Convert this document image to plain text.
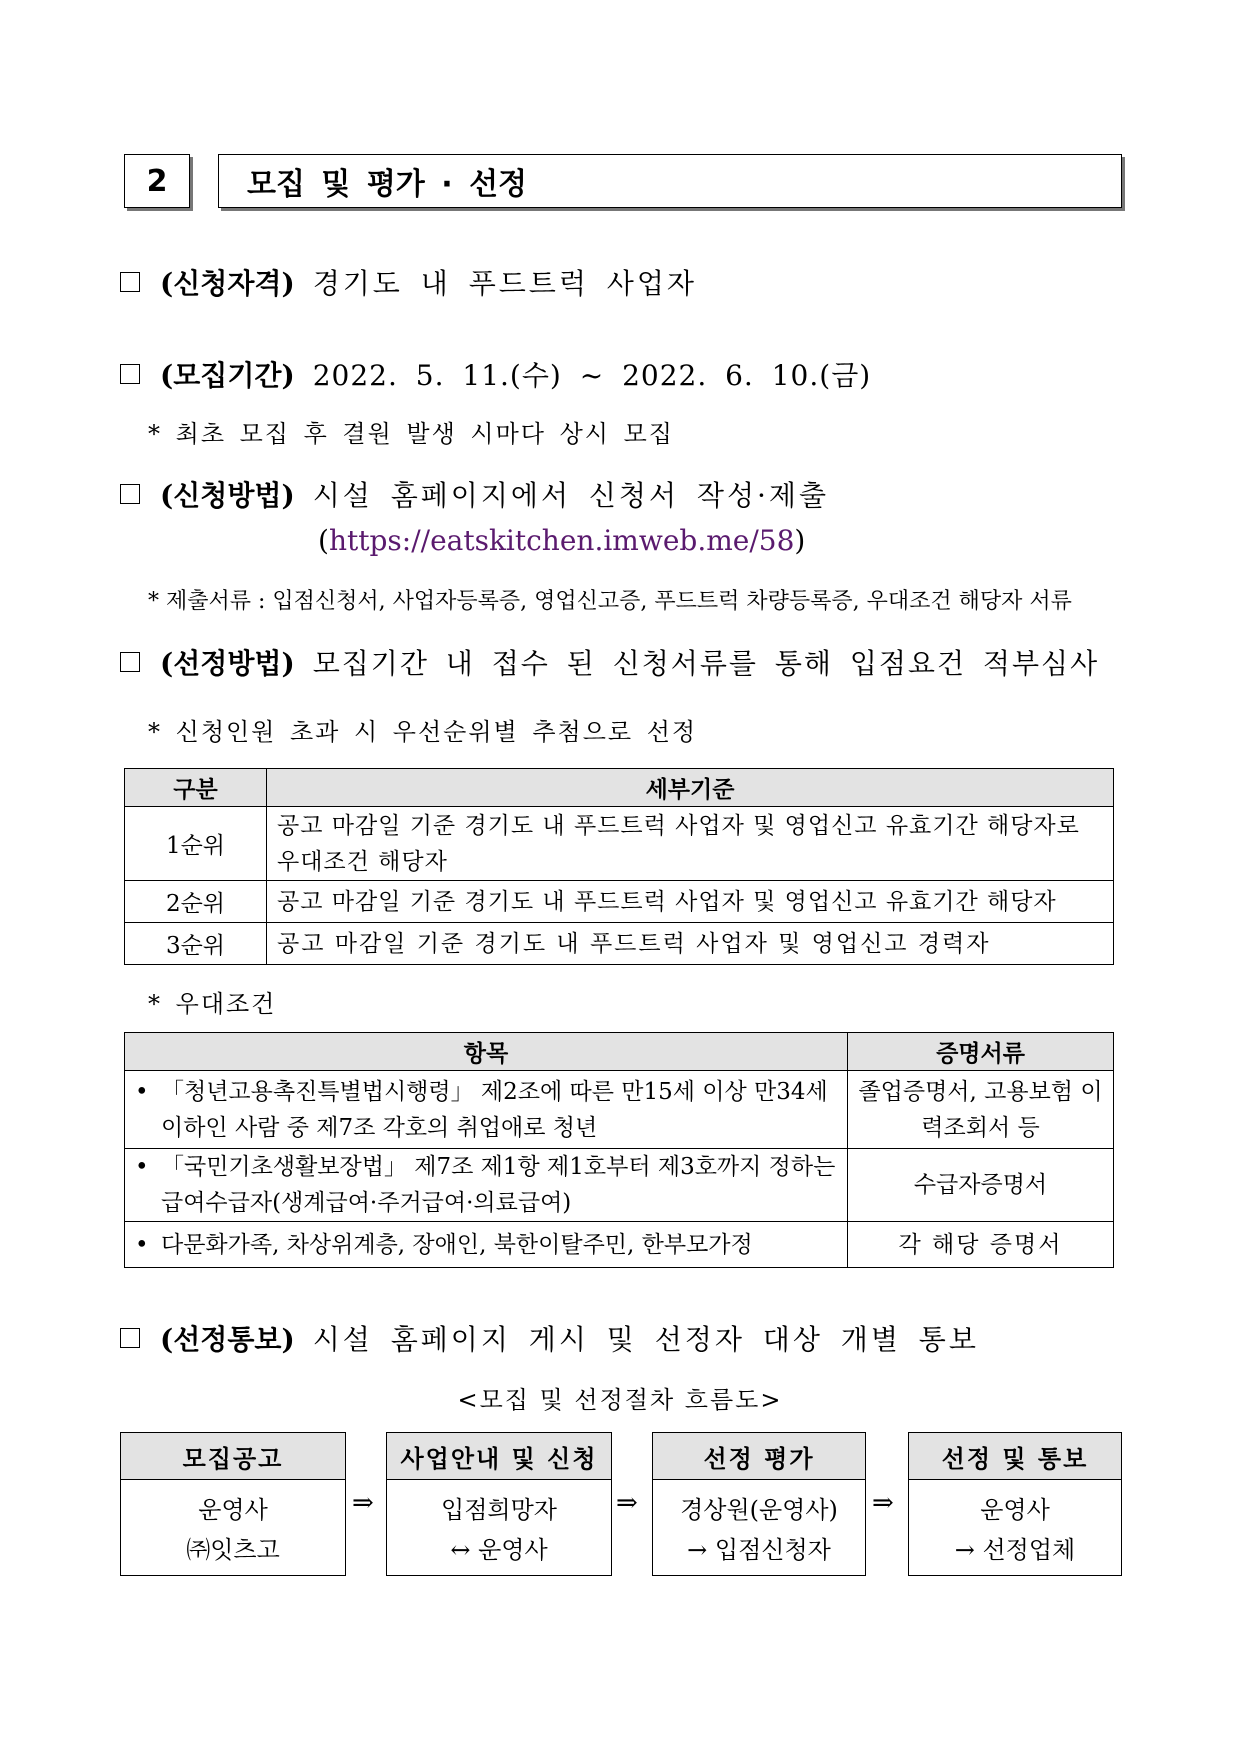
2	모집 및 평가 · 선정
(신청자격) 경기도 내 푸드트럭 사업자
(모집기간) 2022. 5. 11.(수) ~ 2022. 6. 10.(금)
* 최초 모집 후 결원 발생 시마다 상시 모집
(신청방법) 시설 홈페이지에서 신청서 작성·제출
(https://eatskitchen.imweb.me/58)
* 제출서류 : 입점신청서, 사업자등록증, 영업신고증, 푸드트럭 차량등록증, 우대조건 해당자 서류
(선정방법) 모집기간 내 접수 된 신청서류를 통해 입점요건 적부심사
* 신청인원 초과 시 우선순위별 추첨으로 선정
구분	세부기준
1순위	공고 마감일 기준 경기도 내 푸드트럭 사업자 및 영업신고 유효기간 해당자로 우대조건 해당자
2순위	공고 마감일 기준 경기도 내 푸드트럭 사업자 및 영업신고 유효기간 해당자
3순위	공고 마감일 기준 경기도 내 푸드트럭 사업자 및 영업신고 경력자
* 우대조건
항목	증명서류

• 「청년고용촉진특별법시행령」 제2조에 따른 만15세 이상 만34세 이하인 사람 중 제7조 각호의 취업애로 청년	졸업증명서, 고용보험 이력조회서 등

• 「국민기초생활보장법」 제7조 제1항 제1호부터 제3호까지 정하는 급여수급자(생계급여·주거급여·의료급여)	수급자증명서

• 다문화가족, 차상위계층, 장애인, 북한이탈주민, 한부모가정	각 해당 증명서
(선정통보) 시설 홈페이지 게시 및 선정자 대상 개별 통보
<모집 및 선정절차 흐름도>
모집공고
운영사
㈜잇츠고
⇒
사업안내 및 신청
입점희망자
↔ 운영사
⇒
선정 평가
경상원(운영사)
→ 입점신청자
⇒
선정 및 통보
운영사
→ 선정업체
